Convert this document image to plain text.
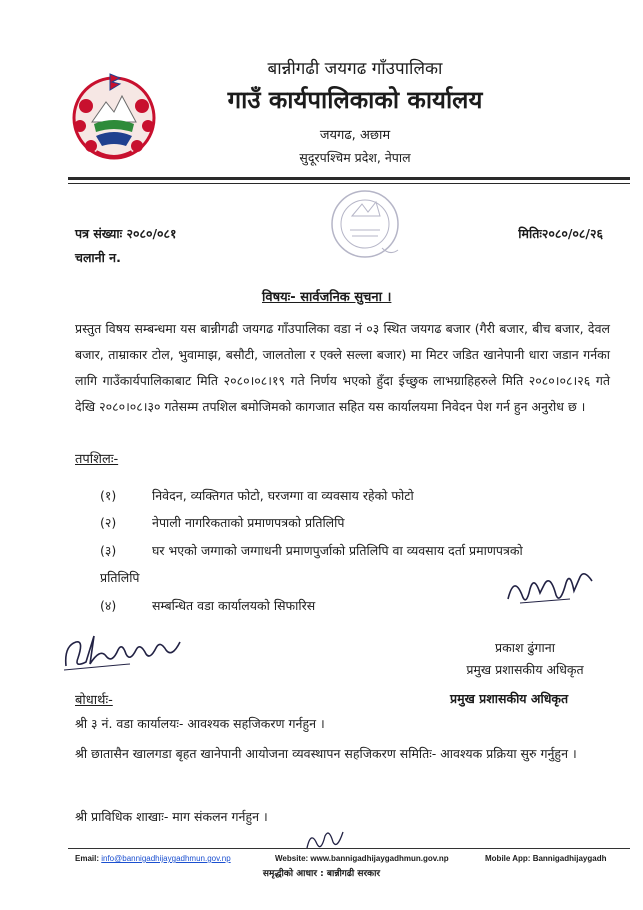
बान्नीगढी जयगढ गाँउपालिका
गाउँ कार्यपालिकाको कार्यालय
जयगढ, अछाम
सुदूरपश्चिम प्रदेश, नेपाल
पत्र संख्याः २०८०/०८१
चलानी न.
मितिः२०८०/०८/२६
विषयः- सार्वजनिक सुचना ।
प्रस्तुत विषय सम्बन्धमा यस बान्नीगढी जयगढ गाँउपालिका वडा नं ०३ स्थित जयगढ बजार (गैरी बजार, बीच बजार, देवल बजार, ताम्राकार टोल, भुवामाझ, बसौटी, जालतोला र एक्ले सल्ला बजार) मा मिटर जडित खानेपानी धारा जडान गर्नका लागि गाउँकार्यपालिकाबाट मिति २०८०।०८।१९ गते निर्णय भएको हुँदा ईच्छुक लाभग्राहिहरुले मिति २०८०।०८।२६ गते देखि २०८०।०८।३० गतेसम्म तपशिल बमोजिमको कागजात सहित यस कार्यालयमा निवेदन पेश गर्न हुन अनुरोध छ ।
तपशिलः-
(१)	निवेदन, व्यक्तिगत फोटो, घरजग्गा वा व्यवसाय रहेको फोटो
(२)	नेपाली नागरिकताको प्रमाणपत्रको प्रतिलिपि
(३)	घर भएको जग्गाको जग्गाधनी प्रमाणपुर्जाको प्रतिलिपि वा व्यवसाय दर्ता प्रमाणपत्रको
प्रतिलिपि
(४)	सम्बन्धित वडा कार्यालयको सिफारिस
प्रकाश ढुंगाना
प्रमुख प्रशासकीय अधिकृत
बोधार्थः-	प्रमुख प्रशासकीय अधिकृत
श्री ३ नं. वडा कार्यालयः- आवश्यक सहजिकरण गर्नहुन ।
श्री छातासैन खालगडा बृहत खानेपानी आयोजना व्यवस्थापन सहजिकरण समितिः- आवश्यक प्रक्रिया सुरु गर्नुहुन ।
श्री प्राविधिक शाखाः- माग संकलन गर्नहुन ।
Email: info@bannigadhijaygadhmun.gov.np	Website: www.bannigadhijaygadhmun.gov.np	Mobile App: Bannigadhijaygadh
समृद्धीको आधार : बान्नीगढी सरकार
